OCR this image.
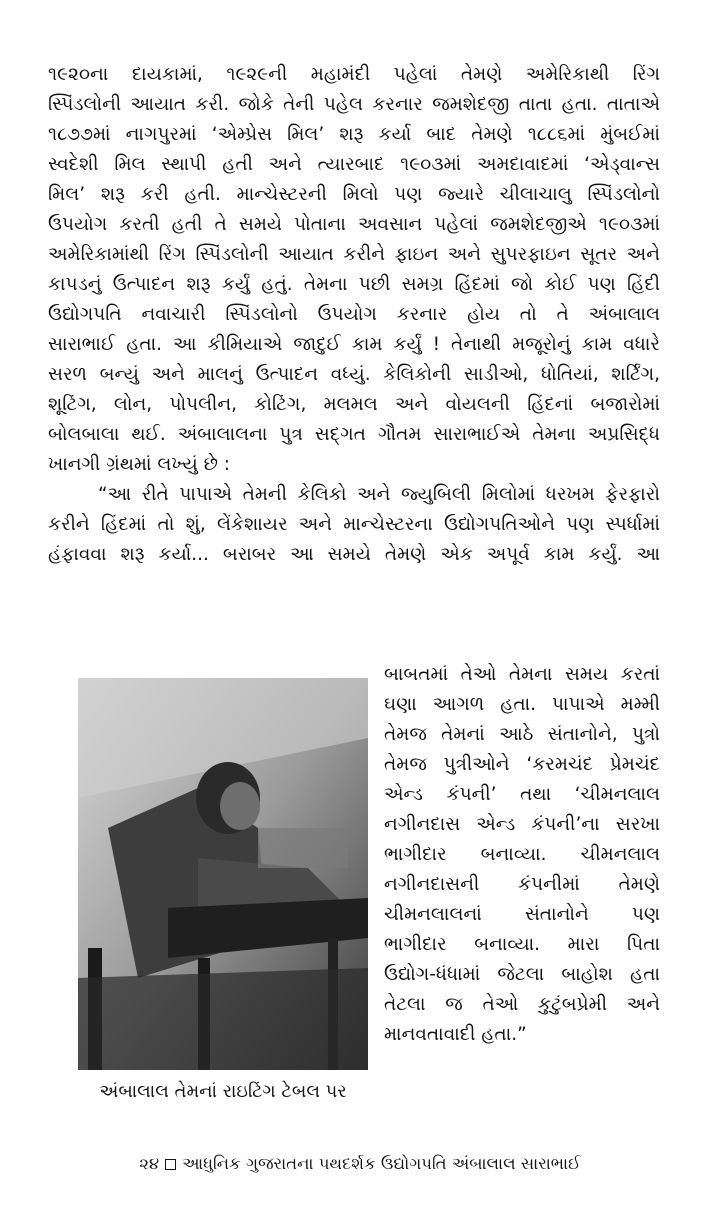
૧૯૨૦ના દાયકામાં, ૧૯૨૯ની મહામંદી પહેલાં તેમણે અમેરિકાથી રિંગ
સ્પિંડલોની આયાત કરી. જોકે તેની પહેલ કરનાર જમશેદજી તાતા હતા. તાતાએ
૧૮૭૭માં નાગપુરમાં ‘એમ્પ્રેસ મિલ’ શરૂ કર્યા બાદ તેમણે ૧૮૮૬માં મુંબઈમાં
સ્વદેશી મિલ સ્થાપી હતી અને ત્યારબાદ ૧૯૦૩માં અમદાવાદમાં ‘એડ્વાન્સ
મિલ’ શરૂ કરી હતી. માન્ચેસ્ટરની મિલો પણ જ્યારે ચીલાચાલુ સ્પિંડલોનો
ઉપયોગ કરતી હતી તે સમયે પોતાના અવસાન પહેલાં જમશેદજીએ ૧૯૦૩માં
અમેરિકામાંથી રિંગ સ્પિંડલોની આયાત કરીને ફાઇન અને સુપરફાઇન સૂતર અને
કાપડનું ઉત્પાદન શરૂ કર્યું હતું. તેમના પછી સમગ્ર હિંદમાં જો કોઈ પણ હિંદી
ઉદ્યોગપતિ નવાચારી સ્પિંડલોનો ઉપયોગ કરનાર હોય તો તે અંબાલાલ
સારાભાઈ હતા. આ કીમિયાએ જાદુઈ કામ કર્યું ! તેનાથી મજૂરોનું કામ વધારે
સરળ બન્યું અને માલનું ઉત્પાદન વધ્યું. કેલિકોની સાડીઓ, ધોતિયાં, શર્ટિંગ,
શૂટિંગ, લોન, પોપલીન, કોટિંગ, મલમલ અને વોયલની હિંદનાં બજારોમાં
બોલબાલા થઈ. અંબાલાલના પુત્ર સદ્ગત ગૌતમ સારાભાઈએ તેમના અપ્રસિદ્ધ
ખાનગી ગ્રંથમાં લખ્યું છે :
“આ રીતે પાપાએ તેમની કેલિકો અને જ્યુબિલી મિલોમાં ધરખમ ફેરફારો
કરીને હિંદમાં તો શું, લેંકેશાયર અને માન્ચેસ્ટરના ઉદ્યોગપતિઓને પણ સ્પર્ધામાં
હંફાવવા શરૂ કર્યા... બરાબર આ સમયે તેમણે એક અપૂર્વ કામ કર્યું. આ
બાબતમાં તેઓ તેમના સમય કરતાં
ઘણા આગળ હતા. પાપાએ મમ્મી
તેમજ તેમનાં આઠે સંતાનોને, પુત્રો
તેમજ પુત્રીઓને ‘કરમચંદ પ્રેમચંદ
એન્ડ કંપની’ તથા ‘ચીમનલાલ
નગીનદાસ એન્ડ કંપની’ના સરખા
ભાગીદાર બનાવ્યા. ચીમનલાલ
નગીનદાસની કંપનીમાં તેમણે
ચીમનલાલનાં સંતાનોને પણ
ભાગીદાર બનાવ્યા. મારા પિતા
ઉદ્યોગ-ધંધામાં જેટલા બાહોશ હતા
તેટલા જ તેઓ કુટુંબપ્રેમી અને
માનવતાવાદી હતા.”
અંબાલાલ તેમનાં રાઇટિંગ ટેબલ પર
૨૪ આધુનિક ગુજરાતના પથદર્શક ઉદ્યોગપતિ અંબાલાલ સારાભાઈ
